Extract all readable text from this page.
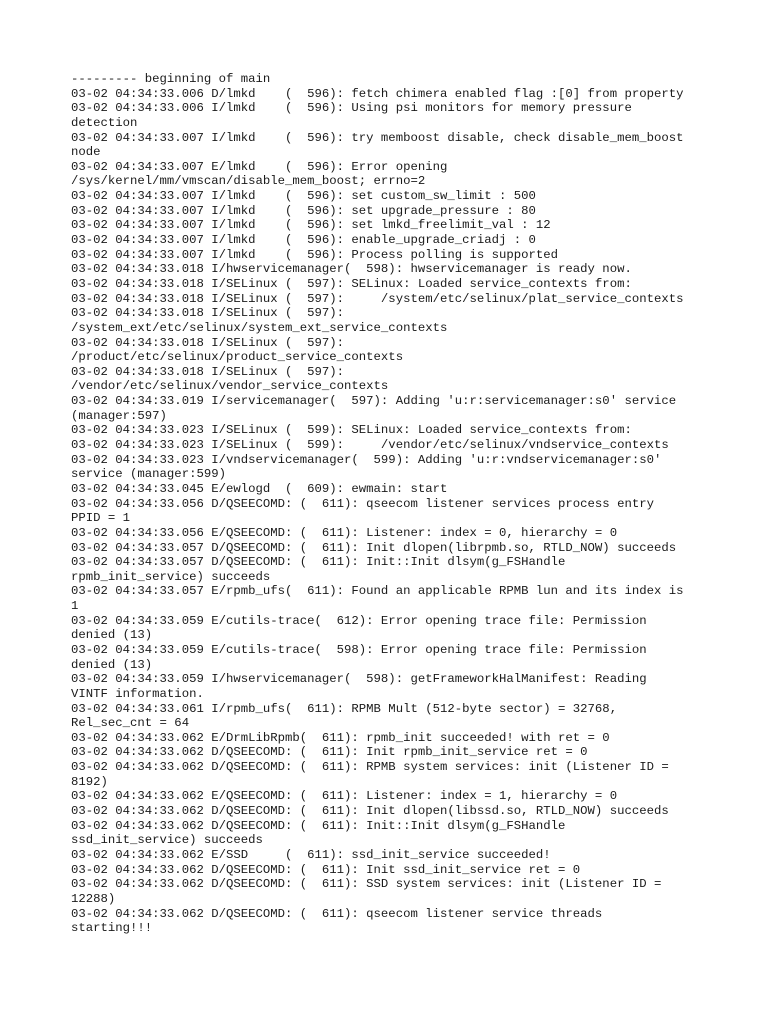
--------- beginning of main
03-02 04:34:33.006 D/lmkd    (  596): fetch chimera enabled flag :[0] from property
03-02 04:34:33.006 I/lmkd    (  596): Using psi monitors for memory pressure
detection
03-02 04:34:33.007 I/lmkd    (  596): try memboost disable, check disable_mem_boost
node
03-02 04:34:33.007 E/lmkd    (  596): Error opening
/sys/kernel/mm/vmscan/disable_mem_boost; errno=2
03-02 04:34:33.007 I/lmkd    (  596): set custom_sw_limit : 500
03-02 04:34:33.007 I/lmkd    (  596): set upgrade_pressure : 80
03-02 04:34:33.007 I/lmkd    (  596): set lmkd_freelimit_val : 12
03-02 04:34:33.007 I/lmkd    (  596): enable_upgrade_criadj : 0
03-02 04:34:33.007 I/lmkd    (  596): Process polling is supported
03-02 04:34:33.018 I/hwservicemanager(  598): hwservicemanager is ready now.
03-02 04:34:33.018 I/SELinux (  597): SELinux: Loaded service_contexts from:
03-02 04:34:33.018 I/SELinux (  597):     /system/etc/selinux/plat_service_contexts
03-02 04:34:33.018 I/SELinux (  597):
/system_ext/etc/selinux/system_ext_service_contexts
03-02 04:34:33.018 I/SELinux (  597):
/product/etc/selinux/product_service_contexts
03-02 04:34:33.018 I/SELinux (  597):
/vendor/etc/selinux/vendor_service_contexts
03-02 04:34:33.019 I/servicemanager(  597): Adding 'u:r:servicemanager:s0' service
(manager:597)
03-02 04:34:33.023 I/SELinux (  599): SELinux: Loaded service_contexts from:
03-02 04:34:33.023 I/SELinux (  599):     /vendor/etc/selinux/vndservice_contexts
03-02 04:34:33.023 I/vndservicemanager(  599): Adding 'u:r:vndservicemanager:s0'
service (manager:599)
03-02 04:34:33.045 E/ewlogd  (  609): ewmain: start
03-02 04:34:33.056 D/QSEECOMD: (  611): qseecom listener services process entry
PPID = 1
03-02 04:34:33.056 E/QSEECOMD: (  611): Listener: index = 0, hierarchy = 0
03-02 04:34:33.057 D/QSEECOMD: (  611): Init dlopen(librpmb.so, RTLD_NOW) succeeds
03-02 04:34:33.057 D/QSEECOMD: (  611): Init::Init dlsym(g_FSHandle
rpmb_init_service) succeeds
03-02 04:34:33.057 E/rpmb_ufs(  611): Found an applicable RPMB lun and its index is
1
03-02 04:34:33.059 E/cutils-trace(  612): Error opening trace file: Permission
denied (13)
03-02 04:34:33.059 E/cutils-trace(  598): Error opening trace file: Permission
denied (13)
03-02 04:34:33.059 I/hwservicemanager(  598): getFrameworkHalManifest: Reading
VINTF information.
03-02 04:34:33.061 I/rpmb_ufs(  611): RPMB Mult (512-byte sector) = 32768,
Rel_sec_cnt = 64
03-02 04:34:33.062 E/DrmLibRpmb(  611): rpmb_init succeeded! with ret = 0
03-02 04:34:33.062 D/QSEECOMD: (  611): Init rpmb_init_service ret = 0
03-02 04:34:33.062 D/QSEECOMD: (  611): RPMB system services: init (Listener ID =
8192)
03-02 04:34:33.062 E/QSEECOMD: (  611): Listener: index = 1, hierarchy = 0
03-02 04:34:33.062 D/QSEECOMD: (  611): Init dlopen(libssd.so, RTLD_NOW) succeeds
03-02 04:34:33.062 D/QSEECOMD: (  611): Init::Init dlsym(g_FSHandle
ssd_init_service) succeeds
03-02 04:34:33.062 E/SSD     (  611): ssd_init_service succeeded!
03-02 04:34:33.062 D/QSEECOMD: (  611): Init ssd_init_service ret = 0
03-02 04:34:33.062 D/QSEECOMD: (  611): SSD system services: init (Listener ID =
12288)
03-02 04:34:33.062 D/QSEECOMD: (  611): qseecom listener service threads
starting!!!
